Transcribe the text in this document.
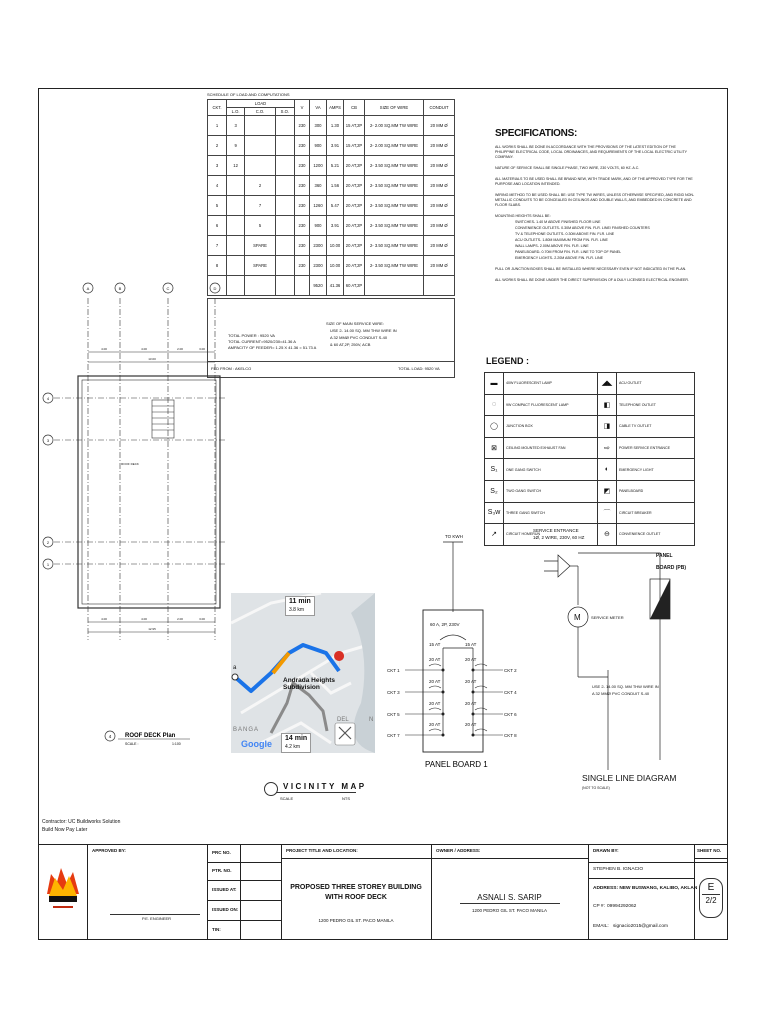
SCHEDULE OF LOAD AND COMPUTATIONS
CKT.	LOAD			V	VA	AMPS	CB	SIZE OF WIRE	CONDUIT
	L.O.	C.O.	S.O.						
1	3			230	300	1.30	15 AT,2P	2- 2.00 SQ.MM TW WIRE	20 MM Ø
2	9			230	900	3.91	15 AT,2P	2- 2.00 SQ.MM TW WIRE	20 MM Ø
3	12			230	1200	5.21	20 AT,2P	2- 3.50 SQ.MM TW WIRE	20 MM Ø
4		2		230	360	1.56	20 AT,2P	2- 3.50 SQ.MM TW WIRE	20 MM Ø
5		7		230	1260	5.47	20 AT,2P	2- 3.50 SQ.MM TW WIRE	20 MM Ø
6		5		230	900	3.91	20 AT,2P	2- 3.50 SQ.MM TW WIRE	20 MM Ø
7		SPARE		230	2300	10.00	20 AT,2P	2- 3.50 SQ.MM TW WIRE	20 MM Ø
8		SPARE		230	2300	10.00	20 AT,2P	2- 3.50 SQ.MM TW WIRE	20 MM Ø
					9520	41.36	60 AT,2P		
TOTAL POWER : 9520 VA
TOTAL CURRENT=9520/230=41.36 A
AMPACITY OF FEEDER= 1.25 X 41.36 = 51.73 A
SIZE OF MAIN SERVICE WIRE:
USE 2- 14.00 SQ. MM THW WIRE IN
A 32 MMØ PVC CONDUIT S-40
& 60 AT,2P, 250V, ACB
FED FROM : AKELCO	TOTAL LOAD: 9520 VA
SPECIFICATIONS:

ALL WORKS SHALL BE DONE IN ACCORDANCE WITH THE PROVISIONS OF THE LATEST EDITION OF THE PHILIPPINE ELECTRICAL CODE, LOCAL ORDINANCES, AND REQUIREMENTS OF THE LOCAL ELECTRIC UTILITY COMPANY.

NATURE OF SERVICE SHALL BE SINGLE PHASE, TWO WIRE, 230 VOLTS, 60 HZ. A.C.

ALL MATERIALS TO BE USED SHALL BE BRAND NEW, WITH TRADE MARK, AND OF THE APPROVED TYPE FOR THE PURPOSE AND LOCATION INTENDED.

WIRING METHOD TO BE USED SHALL BE: USE TYPE TW WIRES, UNLESS OTHERWISE SPECIFIED, AND RIGID NON-METALLIC CONDUITS TO BE CONCEALED IN CEILINGS AND DOUBLE WALLS, AND EMBEDDED IN CONCRETE AND FLOOR SLABS.

MOUNTING HEIGHTS SHALL BE:

SWITCHES- 1.40 M ABOVE FINISHED FLOOR LINE
CONVENIENCE OUTLETS- 0.30M ABOVE FIN. FLR. LINE/ FINISHED COUNTERS
TV & TELEPHONE OUTLETS- 0.30M ABOVE FIN. FLR. LINE
ACU OUTLETS- 1.80M MAXIMUM FROM FIN. FLR. LINE
WALL LAMPS- 2.00M ABOVE FIN. FLR. LINE
PANELBOARD- 0.70M FROM FIN. FLR. LINE TO TOP OF PANEL
EMERGENCY LIGHTS- 2.20M ABOVE FIN. FLR. LINE

PULL OR JUNCTION BOXES SHALL BE INSTALLED WHERE NECESSARY EVEN IF NOT INDICATED IN THE PLAN.

ALL WORKS SHALL BE DONE UNDER THE DIRECT SUPERVISION OF A DULY LICENSED ELECTRICAL ENGINEER.

LEGEND :
▬	40W FLUORESCENT LAMP	◢◣	ACU OUTLET
◌	9W COMPACT FLUORESCENT LAMP	◧	TELEPHONE OUTLET
◯	JUNCTION BOX	◨	CABLE TV OUTLET
⊠	CEILING MOUNTED EXHAUST FAN	⇨	POWER SERVICE ENTRANCE
S₁	ONE GANG SWITCH	◐	EMERGENCY LIGHT
S₂	TWO GANG SWITCH	◩	PANELBOARD
S₃w	THREE GANG SWITCH	⌒	CIRCUIT BREAKER
↗	CIRCUIT HOMERUN	⊖	CONVENIENCE OUTLET
A	B	C	D
4
3
2
1
4.00	4.00	2.00	3.00
13.00
4.00	4.00	2.00	3.00
12.95
ROOF DECK
4 ROOF DECK Plan
SCALE :	1:100
11 min
3.8 km
14 min
4.2 km
Andrada Heights Subdivision
a
BANGA
DEL	N
Google
VICINITY MAP
SCALE	NTS
TO KWH
60 A, 2P, 230V
15 AT	15 AT
20 AT	20 AT
20 AT	20 AT
20 AT	20 AT
20 AT	20 AT
CKT 1
CKT 3
CKT 5
CKT 7
CKT 2
CKT 4
CKT 6
CKT 8
PANEL BOARD 1
SERVICE ENTRANCE
1Ø, 2 WIRE, 230V, 60 HZ
PANEL
BOARD (PB)
M	SERVICE METER
USE 2- 14.00 SQ. MM THW WIRE IN
A 32 MMØ PVC CONDUIT S-40
SINGLE LINE DIAGRAM
(NOT TO SCALE)
Contractor: UC Buildworks Solution
Build Now Pay Later
APPROVED BY:
P.E. ENGINEER
PRC NO.
PTR. NO.
ISSUED AT:
ISSUED ON:
TIN:
PROJECT TITLE AND LOCATION:
PROPOSED THREE STOREY BUILDING
WITH ROOF DECK
1200 PEDRO GIL ST. PACO MANILA
OWNER / ADDRESS:
ASNALI S. SARIP
1200 PEDRO GIL ST. PACO MANILA
DRAWN BY:
STEPHEN B. IGNACIO
ADDRESS: NEW BUSWANG, KALIBO, AKLAN
CP #: 09994292062
EMAIL: signacio2015@gmail.com
SHEET NO.
E
2/2
